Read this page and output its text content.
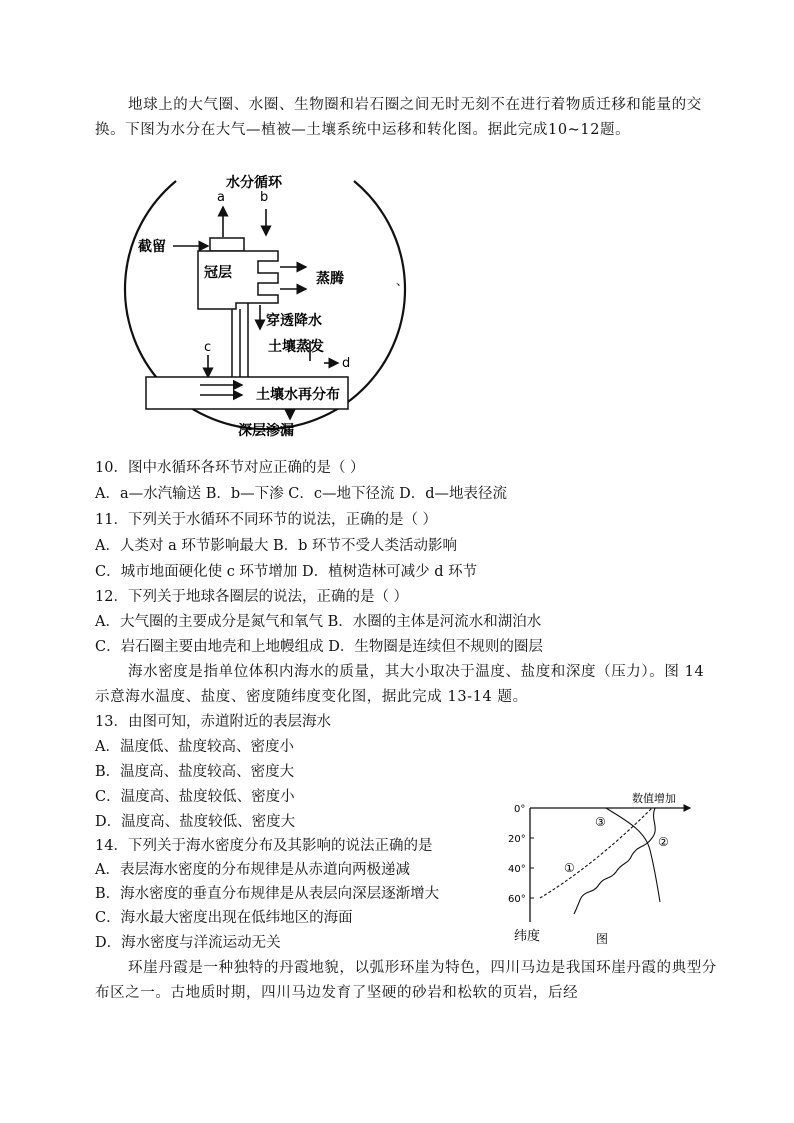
地球上的大气圈、水圈、生物圈和岩石圈之间无时无刻不在进行着物质迁移和能量的交换。下图为水分在大气—植被—土壤系统中运移和转化图。据此完成10~12题。
水分循环
a	b
冠层
截留
蒸腾	、
穿透降水
土壤蒸发
d
c
土壤水再分布
深层渗漏
10．图中水循环各环节对应正确的是（ ）
A．a—水汽输送 B．b—下渗 C．c—地下径流 D．d—地表径流
11．下列关于水循环不同环节的说法，正确的是（ ）
A．人类对 a 环节影响最大 B．b 环节不受人类活动影响
C．城市地面硬化使 c 环节增加 D．植树造林可减少 d 环节
12．下列关于地球各圈层的说法，正确的是（ ）
A．大气圈的主要成分是氮气和氧气 B．水圈的主体是河流水和湖泊水
C．岩石圈主要由地壳和上地幔组成 D．生物圈是连续但不规则的圈层
海水密度是指单位体积内海水的质量，其大小取决于温度、盐度和深度（压力）。图 14 示意海水温度、盐度、密度随纬度变化图，据此完成 13-14 题。
13．由图可知，赤道附近的表层海水
A．温度低、盐度较高、密度小
B．温度高、盐度较高、密度大
C．温度高、盐度较低、密度小
D．温度高、盐度较低、密度大
14．下列关于海水密度分布及其影响的说法正确的是
A．表层海水密度的分布规律是从赤道向两极递减
B．海水密度的垂直分布规律是从表层向深层逐渐增大
C．海水最大密度出现在低纬地区的海面
D．海水密度与洋流运动无关
数值增加
0°
20°
40°
60°
①
②
③
纬度	图
环崖丹霞是一种独特的丹霞地貌，以弧形环崖为特色，四川马边是我国环崖丹霞的典型分布区之一。古地质时期，四川马边发育了坚硬的砂岩和松软的页岩，后经
